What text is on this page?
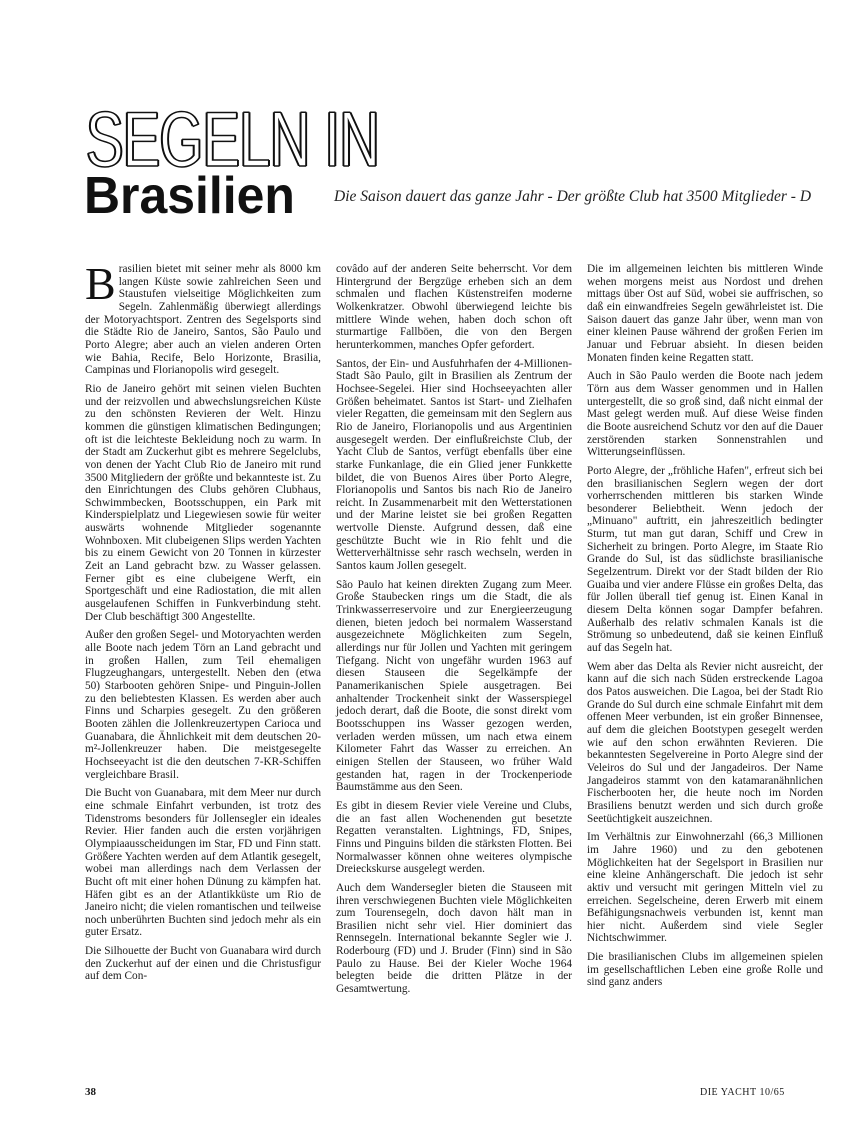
SEGELN IN
Brasilien	Die Saison dauert das ganze Jahr - Der größte Club hat 3500 Mitglieder - D

Brasilien bietet mit seiner mehr als 8000 km langen Küste sowie zahlreichen Seen und Staustufen vielseitige Möglichkeiten zum Segeln. Zahlenmäßig überwiegt allerdings der Motoryachtsport. Zentren des Segelsports sind die Städte Rio de Janeiro, Santos, São Paulo und Porto Alegre; aber auch an vielen anderen Orten wie Bahia, Recife, Belo Horizonte, Brasilia, Campinas und Florianopolis wird gesegelt.

Rio de Janeiro gehört mit seinen vielen Buchten und der reizvollen und abwechslungsreichen Küste zu den schönsten Revieren der Welt. Hinzu kommen die günstigen klimatischen Bedingungen; oft ist die leichteste Bekleidung noch zu warm. In der Stadt am Zuckerhut gibt es mehrere Segelclubs, von denen der Yacht Club Rio de Janeiro mit rund 3500 Mitgliedern der größte und bekannteste ist. Zu den Einrichtungen des Clubs gehören Clubhaus, Schwimmbecken, Bootsschuppen, ein Park mit Kinderspielplatz und Liegewiesen sowie für weiter auswärts wohnende Mitglieder sogenannte Wohnboxen. Mit clubeigenen Slips werden Yachten bis zu einem Gewicht von 20 Tonnen in kürzester Zeit an Land gebracht bzw. zu Wasser gelassen. Ferner gibt es eine clubeigene Werft, ein Sportgeschäft und eine Radiostation, die mit allen ausgelaufenen Schiffen in Funkverbindung steht. Der Club beschäftigt 300 Angestellte.

Außer den großen Segel- und Motoryachten werden alle Boote nach jedem Törn an Land gebracht und in großen Hallen, zum Teil ehemaligen Flugzeughangars, untergestellt. Neben den (etwa 50) Starbooten gehören Snipe- und Pinguin-Jollen zu den beliebtesten Klassen. Es werden aber auch Finns und Scharpies gesegelt. Zu den größeren Booten zählen die Jollenkreuzertypen Carioca und Guanabara, die Ähnlichkeit mit dem deutschen 20-m²-Jollenkreuzer haben. Die meistgesegelte Hochseeyacht ist die den deutschen 7-KR-Schiffen vergleichbare Brasil.

Die Bucht von Guanabara, mit dem Meer nur durch eine schmale Einfahrt verbunden, ist trotz des Tidenstroms besonders für Jollensegler ein ideales Revier. Hier fanden auch die ersten vorjährigen Olympiaausscheidungen im Star, FD und Finn statt. Größere Yachten werden auf dem Atlantik gesegelt, wobei man allerdings nach dem Verlassen der Bucht oft mit einer hohen Dünung zu kämpfen hat. Häfen gibt es an der Atlantikküste um Rio de Janeiro nicht; die vielen romantischen und teilweise noch unberührten Buchten sind jedoch mehr als ein guter Ersatz.

Die Silhouette der Bucht von Guanabara wird durch den Zuckerhut auf der einen und die Christusfigur auf dem Con-

covâdo auf der anderen Seite beherrscht. Vor dem Hintergrund der Bergzüge erheben sich an dem schmalen und flachen Küstenstreifen moderne Wolkenkratzer. Obwohl überwiegend leichte bis mittlere Winde wehen, haben doch schon oft sturmartige Fallböen, die von den Bergen herunterkommen, manches Opfer gefordert.

Santos, der Ein- und Ausfuhrhafen der 4-Millionen-Stadt São Paulo, gilt in Brasilien als Zentrum der Hochsee-Segelei. Hier sind Hochseeyachten aller Größen beheimatet. Santos ist Start- und Zielhafen vieler Regatten, die gemeinsam mit den Seglern aus Rio de Janeiro, Florianopolis und aus Argentinien ausgesegelt werden. Der einflußreichste Club, der Yacht Club de Santos, verfügt ebenfalls über eine starke Funkanlage, die ein Glied jener Funkkette bildet, die von Buenos Aires über Porto Alegre, Florianopolis und Santos bis nach Rio de Janeiro reicht. In Zusammenarbeit mit den Wetterstationen und der Marine leistet sie bei großen Regatten wertvolle Dienste. Aufgrund dessen, daß eine geschützte Bucht wie in Rio fehlt und die Wetterverhältnisse sehr rasch wechseln, werden in Santos kaum Jollen gesegelt.

São Paulo hat keinen direkten Zugang zum Meer. Große Staubecken rings um die Stadt, die als Trinkwasserreservoire und zur Energieerzeugung dienen, bieten jedoch bei normalem Wasserstand ausgezeichnete Möglichkeiten zum Segeln, allerdings nur für Jollen und Yachten mit geringem Tiefgang. Nicht von ungefähr wurden 1963 auf diesen Stauseen die Segelkämpfe der Panamerikanischen Spiele ausgetragen. Bei anhaltender Trockenheit sinkt der Wasserspiegel jedoch derart, daß die Boote, die sonst direkt vom Bootsschuppen ins Wasser gezogen werden, verladen werden müssen, um nach etwa einem Kilometer Fahrt das Wasser zu erreichen. An einigen Stellen der Stauseen, wo früher Wald gestanden hat, ragen in der Trockenperiode Baumstämme aus den Seen.

Es gibt in diesem Revier viele Vereine und Clubs, die an fast allen Wochenenden gut besetzte Regatten veranstalten. Lightnings, FD, Snipes, Finns und Pinguins bilden die stärksten Flotten. Bei Normalwasser können ohne weiteres olympische Dreieckskurse ausgelegt werden.

Auch dem Wandersegler bieten die Stauseen mit ihren verschwiegenen Buchten viele Möglichkeiten zum Tourensegeln, doch davon hält man in Brasilien nicht sehr viel. Hier dominiert das Rennsegeln. International bekannte Segler wie J. Roderbourg (FD) und J. Bruder (Finn) sind in São Paulo zu Hause. Bei der Kieler Woche 1964 belegten beide die dritten Plätze in der Gesamtwertung.

Die im allgemeinen leichten bis mittleren Winde wehen morgens meist aus Nordost und drehen mittags über Ost auf Süd, wobei sie auffrischen, so daß ein einwandfreies Segeln gewährleistet ist. Die Saison dauert das ganze Jahr über, wenn man von einer kleinen Pause während der großen Ferien im Januar und Februar absieht. In diesen beiden Monaten finden keine Regatten statt.

Auch in São Paulo werden die Boote nach jedem Törn aus dem Wasser genommen und in Hallen untergestellt, die so groß sind, daß nicht einmal der Mast gelegt werden muß. Auf diese Weise finden die Boote ausreichend Schutz vor den auf die Dauer zerstörenden starken Sonnenstrahlen und Witterungseinflüssen.

Porto Alegre, der „fröhliche Hafen", erfreut sich bei den brasilianischen Seglern wegen der dort vorherrschenden mittleren bis starken Winde besonderer Beliebtheit. Wenn jedoch der „Minuano" auftritt, ein jahreszeitlich bedingter Sturm, tut man gut daran, Schiff und Crew in Sicherheit zu bringen. Porto Alegre, im Staate Rio Grande do Sul, ist das südlichste brasilianische Segelzentrum. Direkt vor der Stadt bilden der Rio Guaiba und vier andere Flüsse ein großes Delta, das für Jollen überall tief genug ist. Einen Kanal in diesem Delta können sogar Dampfer befahren. Außerhalb des relativ schmalen Kanals ist die Strömung so unbedeutend, daß sie keinen Einfluß auf das Segeln hat.

Wem aber das Delta als Revier nicht ausreicht, der kann auf die sich nach Süden erstreckende Lagoa dos Patos ausweichen. Die Lagoa, bei der Stadt Rio Grande do Sul durch eine schmale Einfahrt mit dem offenen Meer verbunden, ist ein großer Binnensee, auf dem die gleichen Bootstypen gesegelt werden wie auf den schon erwähnten Revieren. Die bekanntesten Segelvereine in Porto Alegre sind der Veleiros do Sul und der Jangadeiros. Der Name Jangadeiros stammt von den katamaranähnlichen Fischerbooten her, die heute noch im Norden Brasiliens benutzt werden und sich durch große Seetüchtigkeit auszeichnen.

Im Verhältnis zur Einwohnerzahl (66,3 Millionen im Jahre 1960) und zu den gebotenen Möglichkeiten hat der Segelsport in Brasilien nur eine kleine Anhängerschaft. Die jedoch ist sehr aktiv und versucht mit geringen Mitteln viel zu erreichen. Segelscheine, deren Erwerb mit einem Befähigungsnachweis verbunden ist, kennt man hier nicht. Außerdem sind viele Segler Nichtschwimmer.

Die brasilianischen Clubs im allgemeinen spielen im gesellschaftlichen Leben eine große Rolle und sind ganz anders

38	DIE YACHT 10/65
